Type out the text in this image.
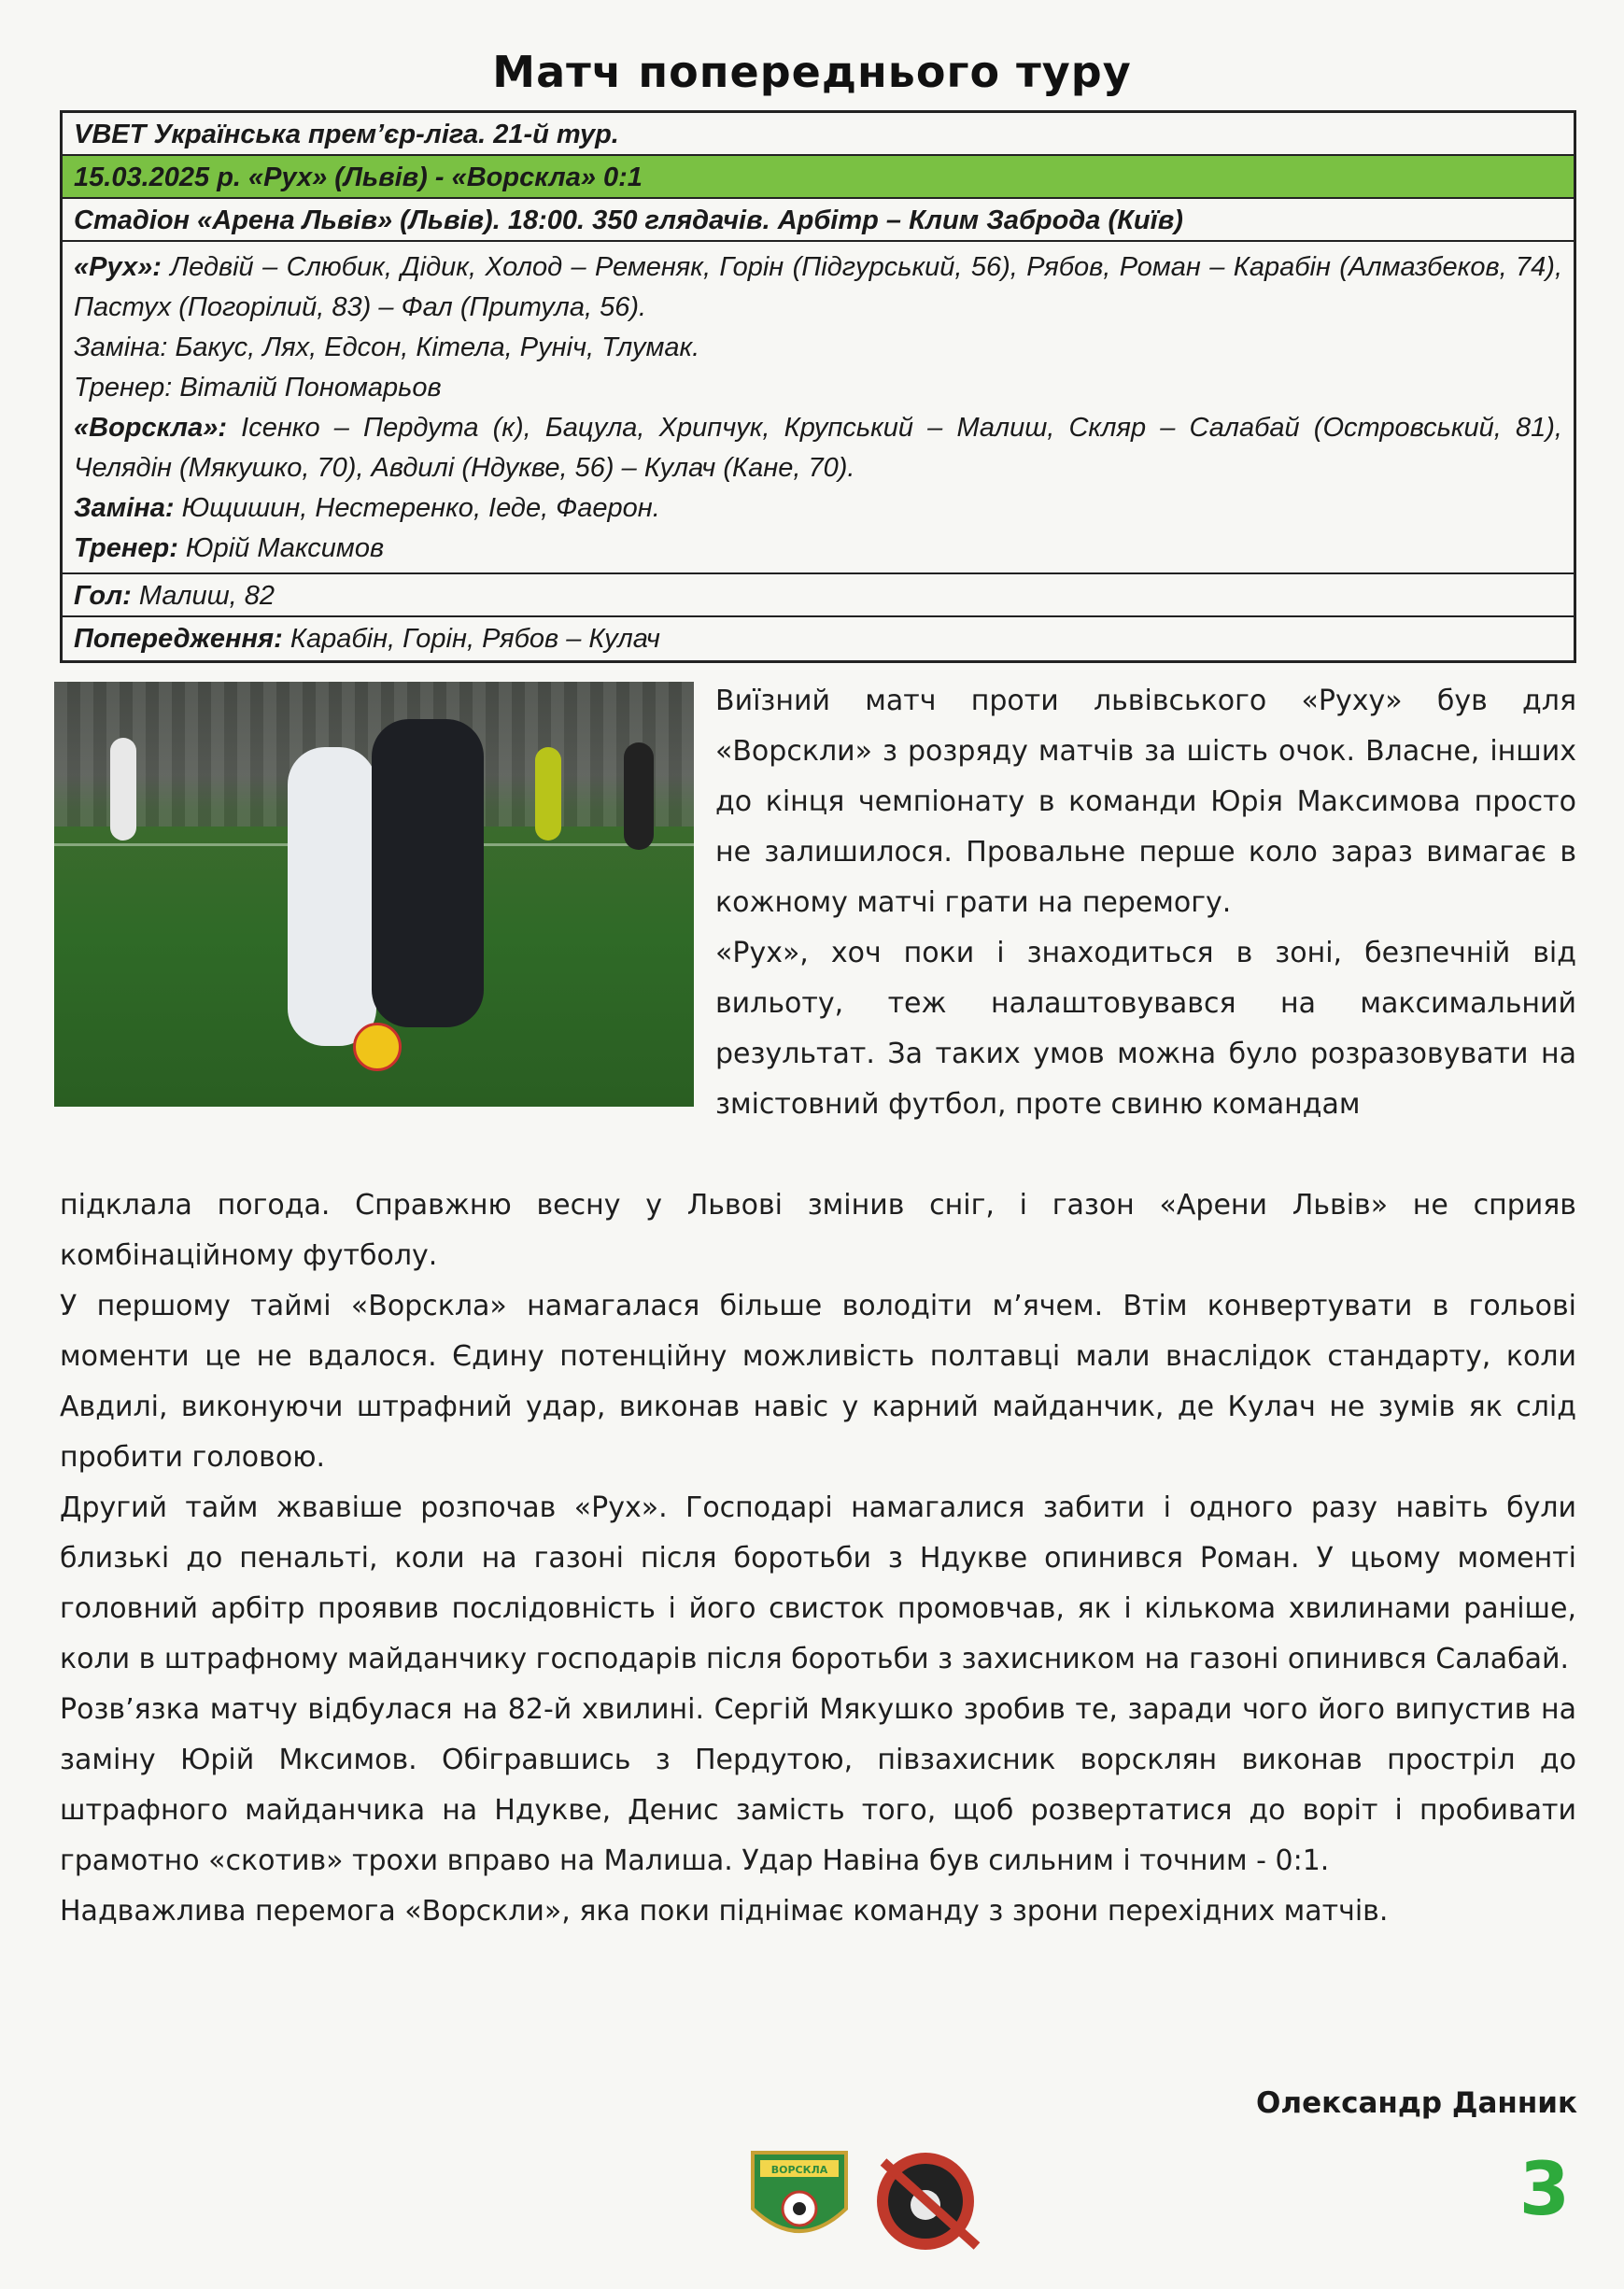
Матч попереднього туру
VBET Українська прем’єр-ліга. 21-й тур.
15.03.2025 р. «Рух» (Львів) - «Ворскла» 0:1
Стадіон «Арена Львів» (Львів). 18:00. 350 глядачів. Арбітр – Клим Заброда (Київ)
«Рух»: Ледвій – Слюбик, Дідик, Холод – Ременяк, Горін (Підгурський, 56), Рябов, Роман – Карабін (Алмазбеков, 74), Пастух (Погорілий, 83) – Фал (Притула, 56).
Заміна: Бакус, Лях, Едсон, Кітела, Руніч, Тлумак.
Тренер: Віталій Пономарьов
«Ворскла»: Ісенко – Пердута (к), Бацула, Хрипчук, Крупський – Малиш, Скляр – Салабай (Островський, 81), Челядін (Мякушко, 70), Авдилі (Ндукве, 56) – Кулач (Кане, 70).
Заміна: Ющишин, Нестеренко, Іеде, Фаерон.
Тренер: Юрій Максимов
Гол: Малиш, 82
Попередження: Карабін, Горін, Рябов – Кулач

Виїзний матч проти львівського «Руху» був для «Ворскли» з розряду матчів за шість очок. Власне, інших до кінця чемпіонату в команди Юрія Максимова просто не залишилося. Провальне перше коло зараз вимагає в кожному матчі грати на перемогу.

«Рух», хоч поки і знаходиться в зоні, безпечній від вильоту, теж налаштовувався на максимальний результат. За таких умов можна було розразовувати на змістовний футбол, проте свиню командам

підклала погода. Справжню весну у Львові змінив сніг, і газон «Арени Львів» не сприяв комбінаційному футболу.

У першому таймі «Ворскла» намагалася більше володіти м’ячем. Втім конвертувати в гольові моменти це не вдалося. Єдину потенційну можливість полтавці мали внаслідок стандарту, коли Авдилі, виконуючи штрафний удар, виконав навіс у карний майданчик, де Кулач не зумів як слід пробити головою.

Другий тайм жвавіше розпочав «Рух». Господарі намагалися забити і одного разу навіть були близькі до пенальті, коли на газоні після боротьби з Ндукве опинився Роман. У цьому моменті головний арбітр проявив послідовність і його свисток промовчав, як і кількома хвилинами раніше, коли в штрафному майданчику господарів після боротьби з захисником на газоні опинився Салабай.

Розв’язка матчу відбулася на 82-й хвилині. Сергій Мякушко зробив те, заради чого його випустив на заміну Юрій Мксимов. Обігравшись з Пердутою, півзахисник ворсклян виконав прострiл до штрафного майданчика на Ндукве, Денис замість того, щоб розвертатися до воріт і пробивати грамотно «скотив» трохи вправо на Малиша. Удар Навіна був сильним і точним - 0:1.

Надважлива перемога «Ворскли», яка поки піднімає команду з зрони перехідних матчів.

Олександр Данник
ВОРСКЛА	3
